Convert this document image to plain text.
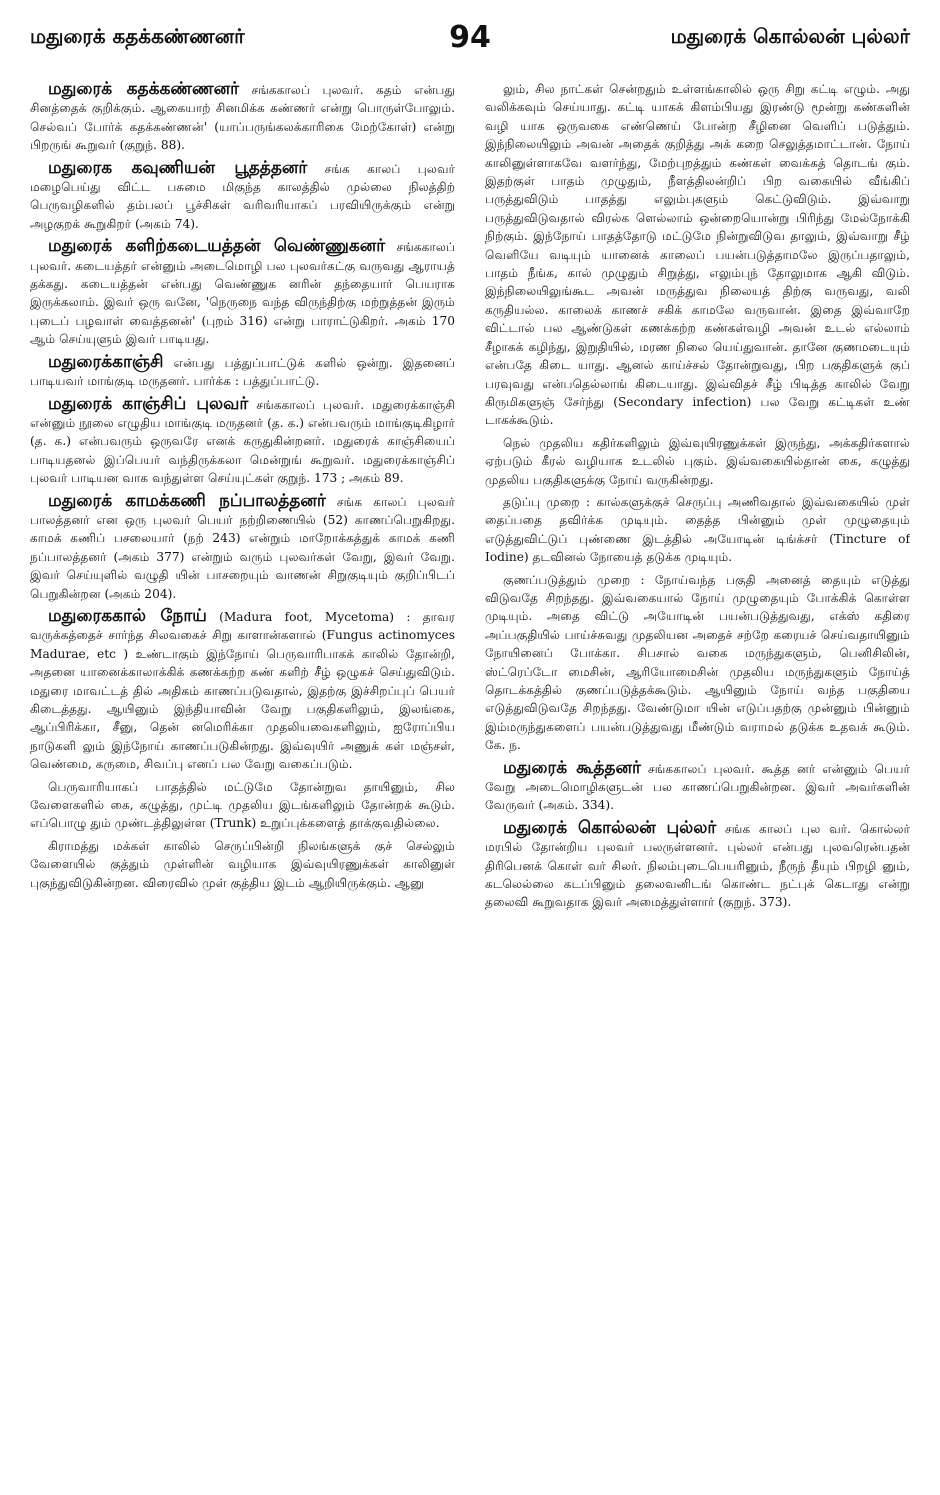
மதுரைக் கதக்கண்ணனர்	94	மதுரைக் கொல்லன் புல்லர்

மதுரைக் கதக்கண்ணனர் சங்ககாலப் புலவர். கதம் என்பது சினத்தைக் குறிக்கும். ஆகையாற் சினமிக்க கண்ணர் என்று பொருள்போலும். செல்வப் போர்க் கதக்கண்ணன்' (யாப்பருங்கலக்காரிகை மேற்கோள்) என்று பிறருங் கூறுவர் (குறுந். 88).

மதுரைக கவுணியன் பூதத்தனர் சங்க காலப் புலவர் மழைபெய்து விட்ட பசுமை மிகுந்த காலத்தில் முல்லை நிலத்திற் பெருவழிகளில் தம்பலப் பூச்சிகள் வரிவரியாகப் பரவியிருக்கும் என்று அழகுறக் கூறுகிறர் (அகம் 74).

மதுரைக் களிற்கடையத்தன் வெண்ணுகனர் சங்ககாலப் புலவர். கடையத்தர் என்னும் அடைமொழி பல புலவர்கட்கு வருவது ஆராயத் தக்கது. கடையத்தன் என்பது வெண்ணுக னரின் தந்தையார் பெயராக இருக்கலாம். இவர் ஒரு வனே, 'நெருநை வந்த விருந்திற்கு மற்றுத்தன் இரும் புடைப் பழவாள் வைத்தனன்' (புறம் 316) என்று பாராட்டுகிறர். அகம் 170 ஆம் செய்யுளும் இவர் பாடியது.

மதுரைக்காஞ்சி என்பது பத்துப்பாட்டுக் களில் ஒன்று. இதனைப் பாடியவர் மாங்குடி மருதனர். பார்க்க : பத்துப்பாட்டு.

மதுரைக் காஞ்சிப் புலவர் சங்ககாலப் புலவர். மதுரைக்காஞ்சி என்னும் நூலை எழுதிய மாங்குடி மருதனர் (த. க.) என்பவரும் மாங்குடிகிழார் (த. க.) என்பவரும் ஒருவரே எனக் கருதுகின்றனர். மதுரைக் காஞ்சியைப் பாடியதனல் இப்பெயர் வந்திருக்கலா மென்றுங் கூறுவர். மதுரைக்காஞ்சிப் புலவர் பாடியன வாக வந்துள்ள செய்யுட்கள் குறுந். 173 ; அகம் 89.

மதுரைக் காமக்கணி நப்பாலத்தனர் சங்க காலப் புலவர் பாலத்தனர் என ஒரு புலவர் பெயர் நற்றிணையில் (52) காணப்பெறுகிறது. காமக் கணிப் பசலையார் (நற் 243) என்றும் மாறோக்கத்துக் காமக் கணி நப்பாலத்தனர் (அகம் 377) என்றும் வரும் புலவர்கள் வேறு, இவர் வேறு. இவர் செய்யுளில் வழுதி யின் பாசறையும் வாணன் சிறுகுடியும் குறிப்பிடப் பெறுகின்றன (அகம் 204).

மதுரைககால் நோய் (Madura foot, Mycetoma) : தாவர வருக்கத்தைச் சார்ந்த சிலவகைச் சிறு காளான்களால் (Fungus actinomyces Madurae, etc ) உண்டாகும் இந்நோய் பெருவாரிபாகக் காலில் தோன்றி, அதனை யானைக்காலாக்கிக் கணக்கற்ற கண் களிற் சீழ் ஒழுகச் செய்துவிடும். மதுரை மாவட்டத் தில் அதிகம் காணப்படுவதால், இதற்கு இச்சிறப்புப் பெயர் கிடைத்தது. ஆயினும் இந்தியாவின் வேறு பகுதிகளிலும், இலங்கை, ஆப்பிரிக்கா, சீனு, தென் னமெரிக்கா முதலியவைகளிலும், ஐரோப்பிய நாடுகளி லும் இந்நோய் காணப்படுகின்றது. இவ்வுயிர் அணுக் கள் மஞ்சள், வெண்மை, கருமை, சிவப்பு எனப் பல வேறு வகைப்படும்.

பெருவாரியாகப் பாதத்தில் மட்டுமே தோன்றுவ தாயினும், சில வேளைகளில் கை, கழுத்து, முட்டி முதலிய இடங்களிலும் தோன்றக் கூடும். எப்பொழு தும் முண்டத்திலுள்ள (Trunk) உறுப்புக்களைத் தாக்குவதில்லை.

கிராமத்து மக்கள் காலில் செருப்பின்றி நிலங்களுக் குச் செல்லும் வேளையில் குத்தும் முள்ளின் வழியாக இவ்வுயிரணுக்கள் காலினுள் புகுந்துவிடுகின்றன. விரைவில் முள் குத்திய இடம் ஆறியிருக்கும். ஆனு

லும், சில நாட்கள் சென்றதும் உள்ளங்காலில் ஒரு சிறு கட்டி எழும். அது வலிக்கவும் செய்யாது. கட்டி யாகக் கிளம்பியது இரண்டு மூன்று கண்களின் வழி யாக ஒருவகை எண்ணெய் போன்ற சீழினை வெளிப் படுத்தும். இந்நிலையிலும் அவன் அதைக் குறித்து அக் கறை செலுத்தமாட்டான். நோய் காலினுள்ளாகவே வளர்ந்து, மேற்புறத்தும் கண்கள் வைக்கத் தொடங் கும். இதற்குள் பாதம் முழுதும், நீளத்திலன்றிப் பிற வகையில் வீங்கிப் பருத்துவிடும் பாதத்து எலும்புகளும் கெட்டுவிடும். இவ்வாறு பருத்துவிடுவதால் விரல்க ளெல்லாம் ஒன்றையொன்று பிரிந்து மேல்நோக்கி நிற்கும். இந்நோய் பாதத்தோடு மட்டுமே நின்றுவிடுவ தாலும், இவ்வாறு சீழ் வெளியே வடியும் யானைக் காலைப் பயன்படுத்தாமலே இருப்பதாலும், பாதம் நீங்க, கால் முழுதும் சிறுத்து, எலும்புந் தோலுமாக ஆகி விடும். இந்நிலையிலுங்கூட அவன் மருத்துவ நிலையத் திற்கு வருவது, வலி கருதியல்ல. காலைக் காணச் சகிக் காமலே வருவான். இதை இவ்வாறே விட்டால் பல ஆண்டுகள் கணக்கற்ற கண்கள்வழி அவன் உடல் எல்லாம் சீழாகக் கழிந்து, இறுதியில், மரண நிலை யெய்துவான். தானே குணமடையும் என்பதே கிடை யாது. ஆனல் காய்ச்சல் தோன்றுவது, பிற பகுதிகளுக் குப் பரவுவது என்பதெல்லாங் கிடையாது. இவ்விதச் சீழ் பிடித்த காலில் வேறு கிருமிகளுஞ் சேர்ந்து (Secondary infection) பல வேறு கட்டிகள் உண் டாகக்கூடும்.

நெல் முதலிய கதிர்களிலும் இவ்வுயிரணுக்கள் இருந்து, அக்கதிர்களால் ஏற்படும் கீரல் வழியாக உடலில் புகும். இவ்வகையில்தான் கை, கழுத்து முதலிய பகுதிகளுக்கு நோய் வருகின்றது.

தடுப்பு முறை : கால்களுக்குச் செருப்பு அணிவதால் இவ்வகையில் முள் தைப்பதை தவிர்க்க முடியும். தைத்த பின்னும் முள் முழுதையும் எடுத்துவிட்டுப் புண்ணை இடத்தில் அயோடின் டிங்க்சர் (Tincture of Iodine) தடவினல் நோயைத் தடுக்க முடியும்.

குணப்படுத்தும் முறை : நோய்வந்த பகுதி அனைத் தையும் எடுத்து விடுவதே சிறந்தது. இவ்வகையால் நோய் முழுதையும் போக்கிக் கொள்ள முடியும். அதை விட்டு அயோடின் பயன்படுத்துவது, எக்ஸ் கதிரை அப்பகுதியில் பாய்ச்சுவது முதலியன அதைச் சற்றே கரையச் செய்வதாயினும் நோயினைப் போக்கா. சிபசால் வகை மருந்துகளும், பெனிசிலின், ஸ்ட்ரெப்டோ மைசின், ஆரியோமைசின் முதலிய மருந்துகளும் நோய்த் தொடக்கத்தில் குணப்படுத்தக்கூடும். ஆயினும் நோய் வந்த பகுதியை எடுத்துவிடுவதே சிறந்தது. வேண்டுமா யின் எடுப்பதற்கு முன்னும் பின்னும் இம்மருந்துகளைப் பயன்படுத்துவது மீண்டும் வராமல் தடுக்க உதவக் கூடும். கே. ந.

மதுரைக் கூத்தனர் சங்ககாலப் புலவர். கூத்த னர் என்னும் பெயர் வேறு அடைமொழிகளுடன் பல காணப்பெறுகின்றன. இவர் அவர்களின் வேருவர் (அகம். 334).

மதுரைக் கொல்லன் புல்லர் சங்க காலப் புல வர். கொல்லர் மரபில் தோன்றிய புலவர் பலருள்ளனர். புல்லர் என்பது புலவரென்பதன் திரிபெனக் கொள் வர் சிலர். நிலம்புடைபெயரினும், நீருந் தீயும் பிறழி னும், கடலெல்லை கடப்பினும் தலைவனிடங் கொண்ட நட்புக் கெடாது என்று தலைவி கூறுவதாக இவர் அமைத்துள்ளார் (குறுந். 373).
